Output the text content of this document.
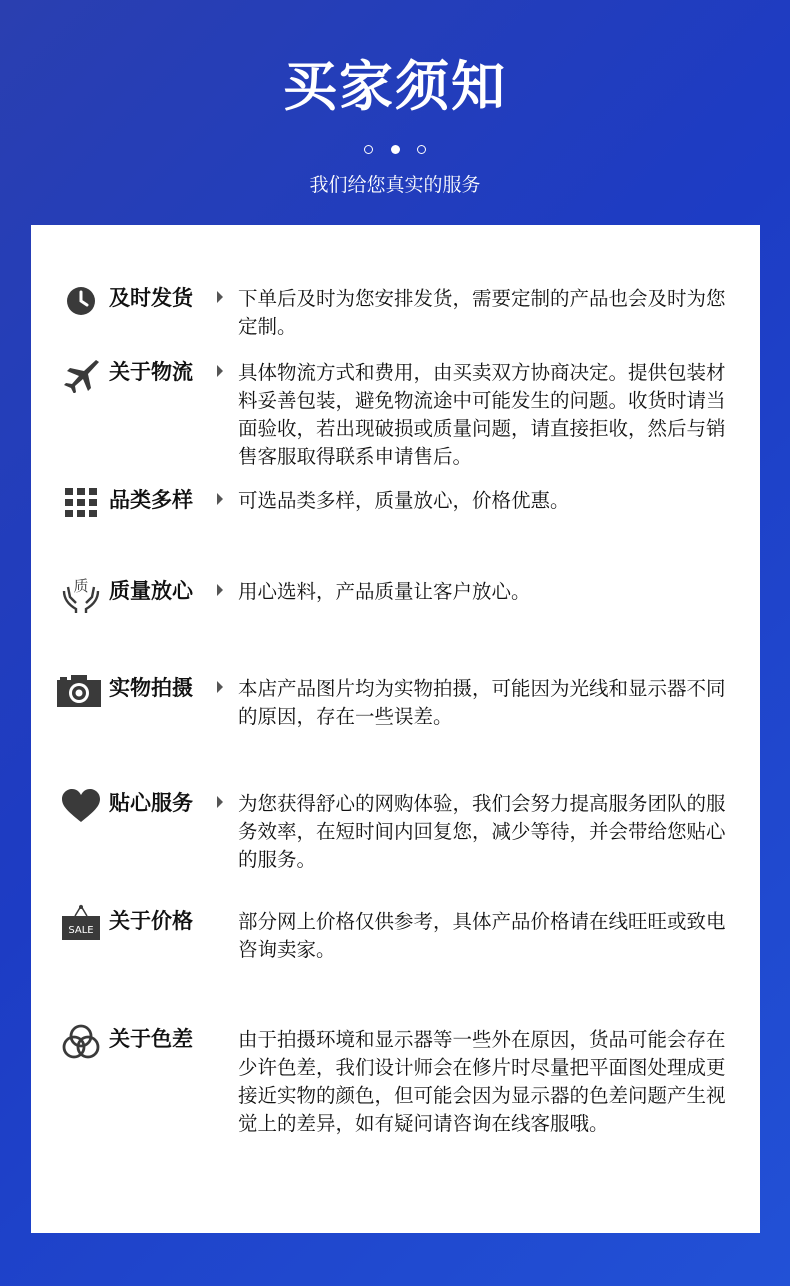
买家须知

我们给您真实的服务
及时发货 下单后及时为您安排发货，需要定制的产品也会及时为您定制。
关于物流 具体物流方式和费用，由买卖双方协商决定。提供包装材料妥善包装，避免物流途中可能发生的问题。收货时请当面验收，若出现破损或质量问题，请直接拒收，然后与销售客服取得联系申请售后。
品类多样 可选品类多样，质量放心，价格优惠。
质 质量放心 用心选料，产品质量让客户放心。
实物拍摄 本店产品图片均为实物拍摄，可能因为光线和显示器不同的原因，存在一些误差。
贴心服务 为您获得舒心的网购体验，我们会努力提高服务团队的服务效率，在短时间内回复您，减少等待，并会带给您贴心的服务。
SALE 关于价格 部分网上价格仅供参考，具体产品价格请在线旺旺或致电咨询卖家。
关于色差 由于拍摄环境和显示器等一些外在原因，货品可能会存在少许色差，我们设计师会在修片时尽量把平面图处理成更接近实物的颜色，但可能会因为显示器的色差问题产生视觉上的差异，如有疑问请咨询在线客服哦。
